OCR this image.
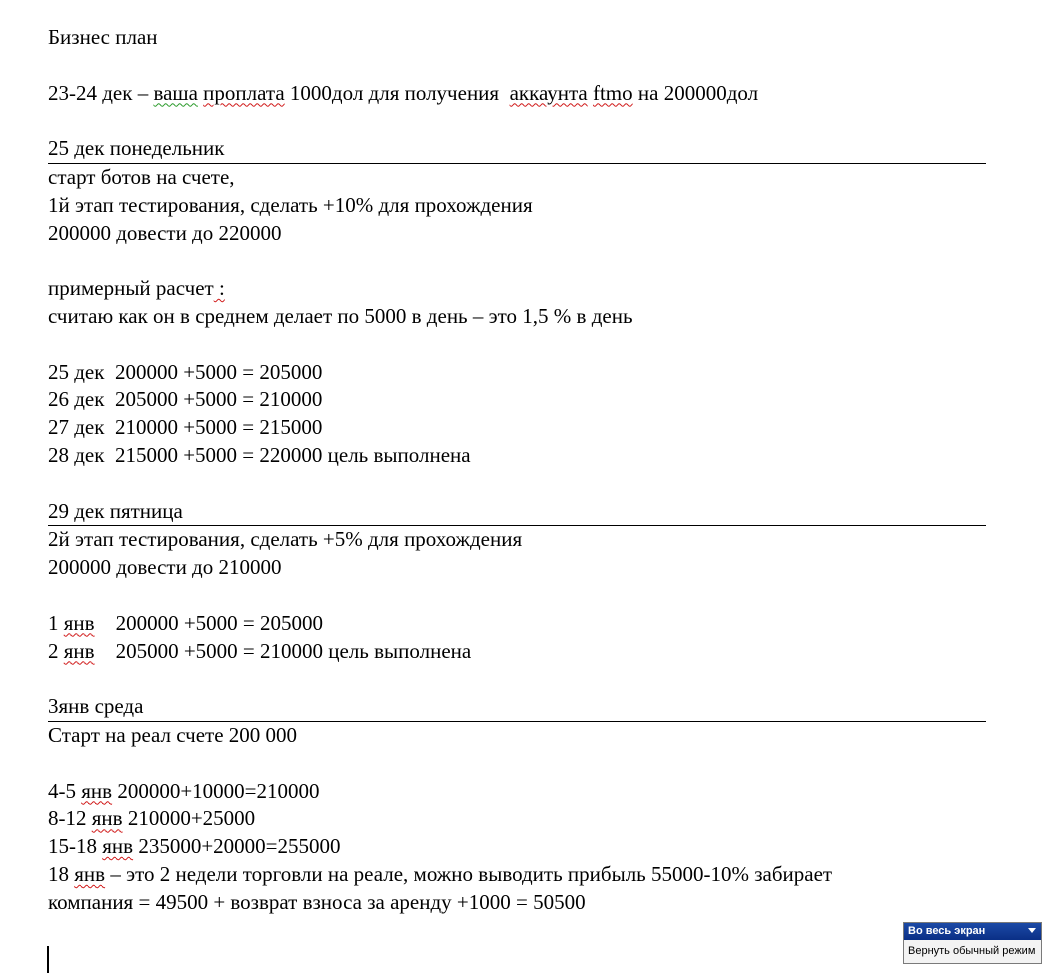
Бизнес план
23-24 дек – ваша проплата 1000дол для получения  аккаунта ftmo на 200000дол
25 дек понедельник
старт ботов на счете,
1й этап тестирования, сделать +10% для прохождения
200000 довести до 220000
примерный расчет :
считаю как он в среднем делает по 5000 в день – это 1,5 % в день
25 дек  200000 +5000 = 205000
26 дек  205000 +5000 = 210000
27 дек  210000 +5000 = 215000
28 дек  215000 +5000 = 220000 цель выполнена
29 дек пятница
2й этап тестирования, сделать +5% для прохождения
200000 довести до 210000
1 янв    200000 +5000 = 205000
2 янв    205000 +5000 = 210000 цель выполнена
3янв среда
Старт на реал счете 200 000
4-5 янв 200000+10000=210000
8-12 янв 210000+25000
15-18 янв 235000+20000=255000
18 янв – это 2 недели торговли на реале, можно выводить прибыль 55000-10% забирает
компания = 49500 + возврат взноса за аренду +1000 = 50500
Во весь экран
Вернуть обычный режим
